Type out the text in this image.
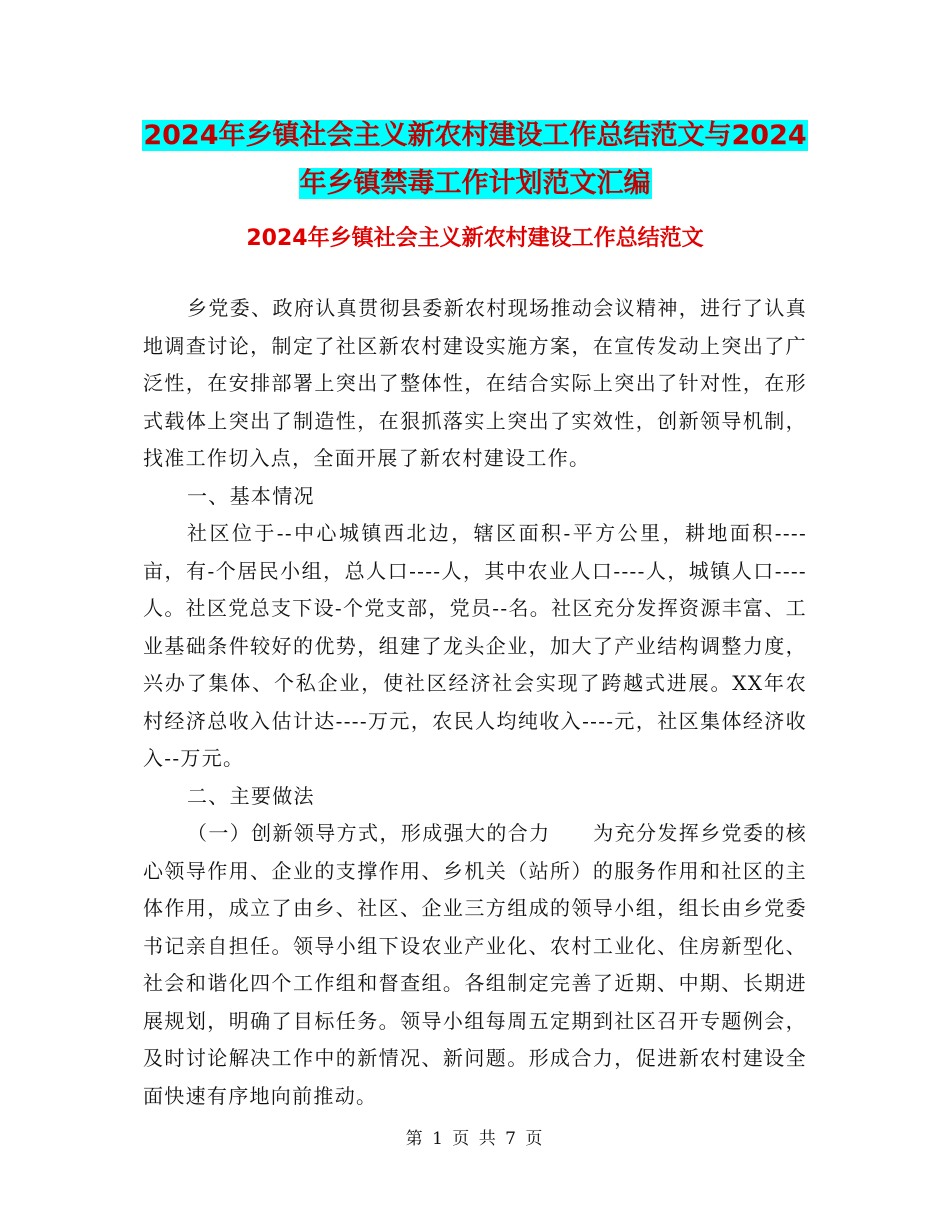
2024年乡镇社会主义新农村建设工作总结范文与2024
年乡镇禁毒工作计划范文汇编
2024年乡镇社会主义新农村建设工作总结范文

乡党委、政府认真贯彻县委新农村现场推动会议精神，进行了认真地调查讨论，制定了社区新农村建设实施方案，在宣传发动上突出了广泛性，在安排部署上突出了整体性，在结合实际上突出了针对性，在形式载体上突出了制造性，在狠抓落实上突出了实效性，创新领导机制，找准工作切入点，全面开展了新农村建设工作。

一、基本情况

社区位于--中心城镇西北边，辖区面积-平方公里，耕地面积----亩，有-个居民小组，总人口----人，其中农业人口----人，城镇人口----人。社区党总支下设-个党支部，党员--名。社区充分发挥资源丰富、工业基础条件较好的优势，组建了龙头企业，加大了产业结构调整力度，兴办了集体、个私企业，使社区经济社会实现了跨越式进展。XX年农村经济总收入估计达----万元，农民人均纯收入----元，社区集体经济收入--万元。

二、主要做法

（一）创新领导方式，形成强大的合力　　为充分发挥乡党委的核心领导作用、企业的支撑作用、乡机关（站所）的服务作用和社区的主体作用，成立了由乡、社区、企业三方组成的领导小组，组长由乡党委书记亲自担任。领导小组下设农业产业化、农村工业化、住房新型化、社会和谐化四个工作组和督查组。各组制定完善了近期、中期、长期进展规划，明确了目标任务。领导小组每周五定期到社区召开专题例会，及时讨论解决工作中的新情况、新问题。形成合力，促进新农村建设全面快速有序地向前推动。

第 1 页 共 7 页
